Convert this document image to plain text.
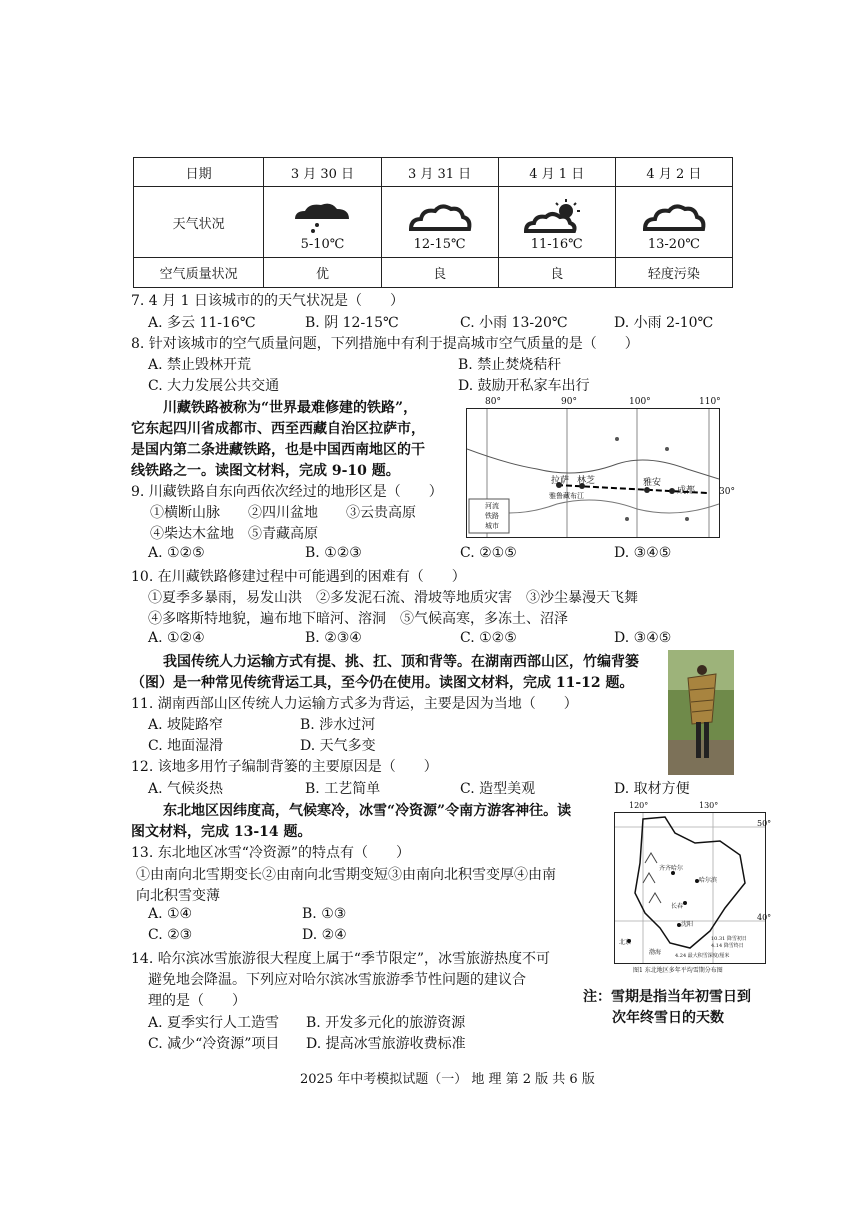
日期	3 月 30 日	3 月 31 日	4 月 1 日	4 月 2 日
天气状况	5-10℃	12-15℃	11-16℃	13-20℃

空气质量状况	优	良	良	轻度污染
7. 4 月 1 日该城市的的天气状况是（　　）
A. 多云 11-16℃	B. 阴 12-15℃	C. 小雨 13-20℃	D. 小雨 2-10℃
8. 针对该城市的空气质量问题，下列措施中有利于提高城市空气质量的是（　　）
A. 禁止毁林开荒	B. 禁止焚烧秸秆
C. 大力发展公共交通	D. 鼓励开私家车出行
川藏铁路被称为“世界最难修建的铁路”，
它东起四川省成都市、西至西藏自治区拉萨市，
是国内第二条进藏铁路，也是中国西南地区的干
线铁路之一。读图文材料，完成 9-10 题。
80°	90°	100°	110°
30°
拉萨 林芝	雅安
成都
雅鲁藏布江
河流
铁路
城市
9. 川藏铁路自东向西依次经过的地形区是（　　）
①横断山脉　　②四川盆地　　③云贵高原
④柴达木盆地　⑤青藏高原
A. ①②⑤	B. ①②③	C. ②①⑤	D. ③④⑤
10. 在川藏铁路修建过程中可能遇到的困难有（　　）
①夏季多暴雨，易发山洪　②多发泥石流、滑坡等地质灾害　③沙尘暴漫天飞舞
④多喀斯特地貌，遍布地下暗河、溶洞　⑤气候高寒，多冻土、沼泽
A. ①②④	B. ②③④	C. ①②⑤	D. ③④⑤
我国传统人力运输方式有提、挑、扛、顶和背等。在湖南西部山区，竹编背篓
（图）是一种常见传统背运工具，至今仍在使用。读图文材料，完成 11-12 题。
11. 湖南西部山区传统人力运输方式多为背运，主要是因为当地（　　）
A. 坡陡路窄	B. 涉水过河
C. 地面湿滑	D. 天气多变
12. 该地多用竹子编制背篓的主要原因是（　　）
A. 气候炎热	B. 工艺简单	C. 造型美观	D. 取材方便
东北地区因纬度高，气候寒冷，冰雪“冷资源”令南方游客神往。读
图文材料，完成 13-14 题。
120°	130°
50°
40°
齐齐哈尔
哈尔滨
长春
沈阳
北京
渤海
10.31 降雪初日
4.14 降雪终日
4.24 最大积雪深度/厘米
图1 东北地区多年平均雪期分布图
13. 东北地区冰雪“冷资源”的特点有（　　）
①由南向北雪期变长②由南向北雪期变短③由南向北积雪变厚④由南
向北积雪变薄
A. ①④	B. ①③
C. ②③	D. ②④
14. 哈尔滨冰雪旅游很大程度上属于“季节限定”，冰雪旅游热度不可
避免地会降温。下列应对哈尔滨冰雪旅游季节性问题的建议合
理的是（　　）
A. 夏季实行人工造雪 B. 开发多元化的旅游资源
C. 减少“冷资源”项目 D. 提高冰雪旅游收费标准
注：雪期是指当年初雪日到
次年终雪日的天数
2025 年中考模拟试题（一） 地 理 第 2 版 共 6 版
